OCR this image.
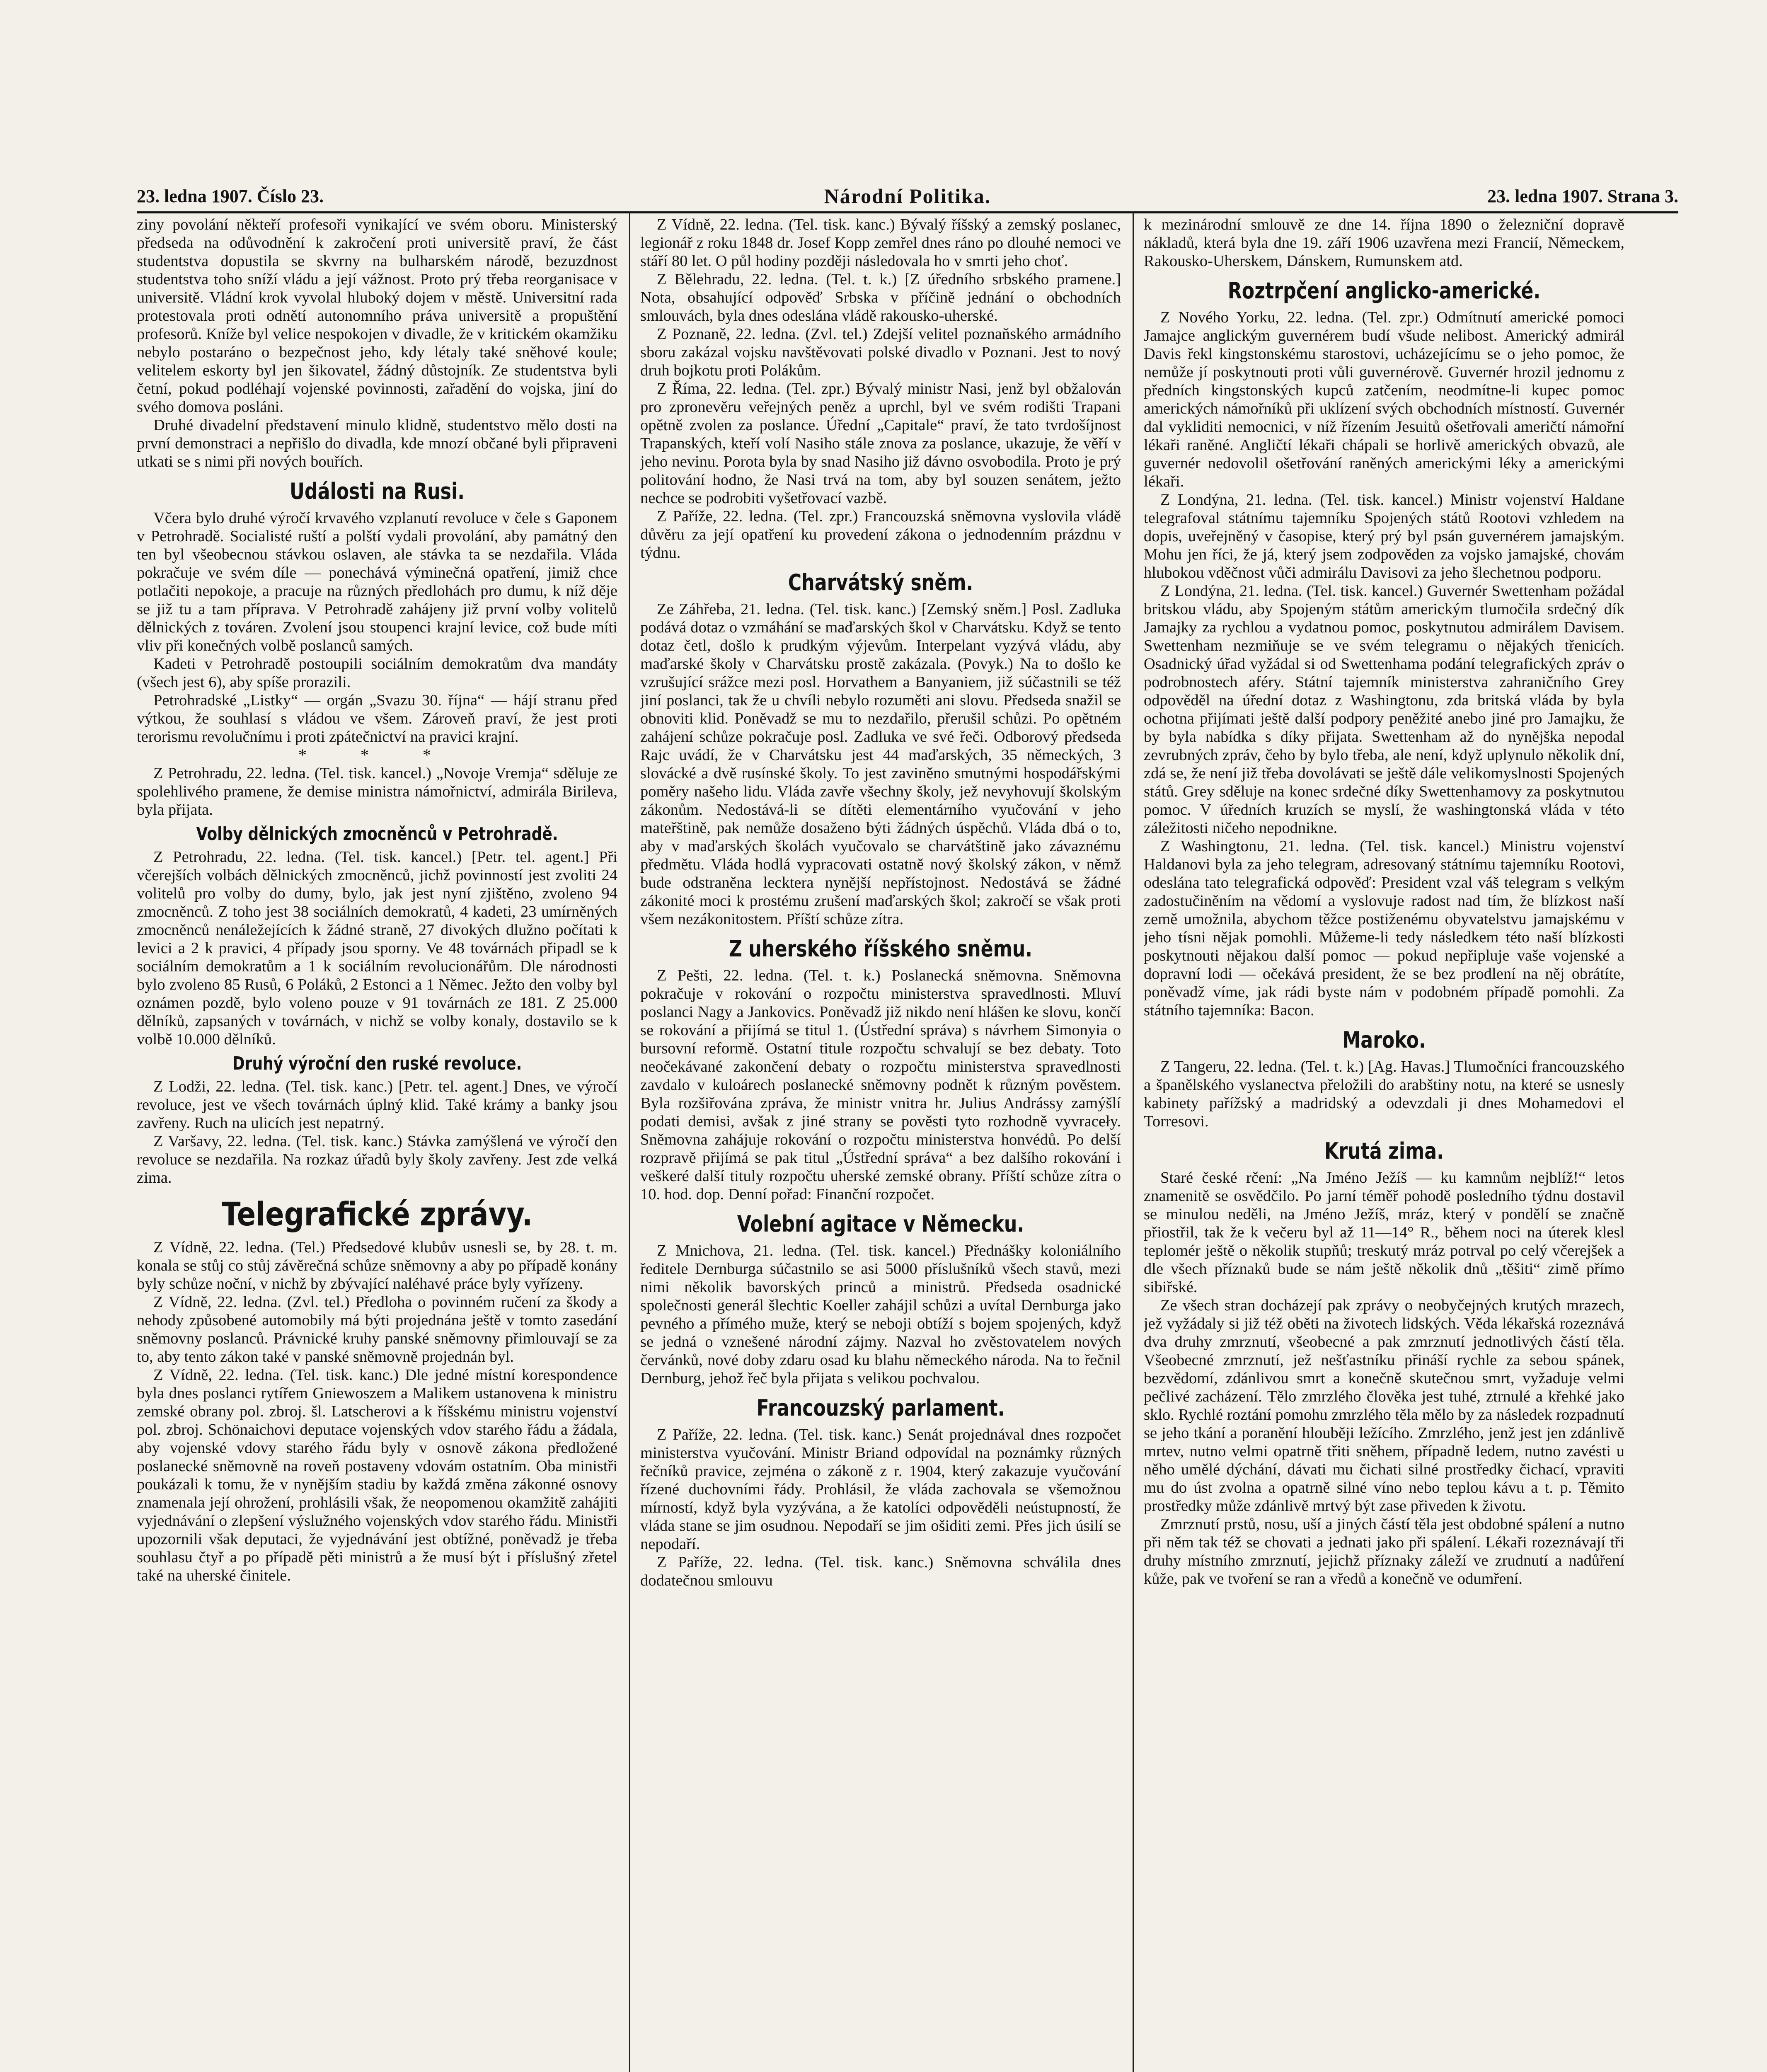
23. ledna 1907. Číslo 23.	Národní Politika.	23. ledna 1907. Strana 3.

ziny povolání někteří profesoři vynikající ve svém oboru. Ministerský předseda na odůvodnění k zakročení proti universitě praví, že část studentstva dopustila se skvrny na bulharském národě, bezuzdnost studentstva toho sníží vládu a její vážnost. Proto prý třeba reorganisace v universitě. Vládní krok vyvolal hluboký dojem v městě. Universitní rada protestovala proti odnětí autonomního práva universitě a propuštění profesorů. Kníže byl velice nespokojen v divadle, že v kritickém okamžiku nebylo postaráno o bezpečnost jeho, kdy létaly také sněhové koule; velitelem eskorty byl jen šikovatel, žádný důstojník. Ze studentstva byli četní, pokud podléhají vojenské povinnosti, zařadění do vojska, jiní do svého domova posláni.

Druhé divadelní představení minulo klidně, studentstvo mělo dosti na první demonstraci a nepřišlo do divadla, kde mnozí občané byli připraveni utkati se s nimi při nových bouřích.

Události na Rusi.

Včera bylo druhé výročí krvavého vzplanutí revoluce v čele s Gaponem v Petrohradě. Socialisté ruští a polští vydali provolání, aby památný den ten byl všeobecnou stávkou oslaven, ale stávka ta se nezdařila. Vláda pokračuje ve svém díle — ponechává výminečná opatření, jimiž chce potlačiti nepokoje, a pracuje na různých předlohách pro dumu, k níž děje se již tu a tam příprava. V Petrohradě zahájeny již první volby volitelů dělnických z továren. Zvolení jsou stoupenci krajní levice, což bude míti vliv při konečných volbě poslanců samých.

Kadeti v Petrohradě postoupili sociálním demokratům dva mandáty (všech jest 6), aby spíše prorazili.

Petrohradské „Listky“ — orgán „Svazu 30. října“ — hájí stranu před výtkou, že souhlasí s vládou ve všem. Zároveň praví, že jest proti terorismu revolučnímu i proti zpátečnictví na pravici krajní.

* * *

Z Petrohradu, 22. ledna. (Tel. tisk. kancel.) „Novoje Vremja“ sděluje ze spolehlivého pramene, že demise ministra námořnictví, admirála Birileva, byla přijata.

Volby dělnických zmocněnců v Petrohradě.

Z Petrohradu, 22. ledna. (Tel. tisk. kancel.) [Petr. tel. agent.] Při včerejších volbách dělnických zmocněnců, jichž povinností jest zvoliti 24 volitelů pro volby do dumy, bylo, jak jest nyní zjištěno, zvoleno 94 zmocněnců. Z toho jest 38 sociálních demokratů, 4 kadeti, 23 umírněných zmocněnců nenáležejících k žádné straně, 27 divokých dlužno počítati k levici a 2 k pravici, 4 případy jsou sporny. Ve 48 továrnách připadl se k sociálním demokratům a 1 k sociálním revolucionářům. Dle národnosti bylo zvoleno 85 Rusů, 6 Poláků, 2 Estonci a 1 Němec. Ježto den volby byl oznámen pozdě, bylo voleno pouze v 91 továrnách ze 181. Z 25.000 dělníků, zapsaných v továrnách, v nichž se volby konaly, dostavilo se k volbě 10.000 dělníků.

Druhý výroční den ruské revoluce.

Z Lodži, 22. ledna. (Tel. tisk. kanc.) [Petr. tel. agent.] Dnes, ve výročí revoluce, jest ve všech továrnách úplný klid. Také krámy a banky jsou zavřeny. Ruch na ulicích jest nepatrný.

Z Varšavy, 22. ledna. (Tel. tisk. kanc.) Stávka zamýšlená ve výročí den revoluce se nezdařila. Na rozkaz úřadů byly školy zavřeny. Jest zde velká zima.

Telegrafické zprávy.

Z Vídně, 22. ledna. (Tel.) Předsedové klubův usnesli se, by 28. t. m. konala se stůj co stůj závěrečná schůze sněmovny a aby po případě konány byly schůze noční, v nichž by zbývající naléhavé práce byly vyřízeny.

Z Vídně, 22. ledna. (Zvl. tel.) Předloha o povinném ručení za škody a nehody způsobené automobily má býti projednána ještě v tomto zasedání sněmovny poslanců. Právnické kruhy panské sněmovny přimlouvají se za to, aby tento zákon také v panské sněmovně projednán byl.

Z Vídně, 22. ledna. (Tel. tisk. kanc.) Dle jedné místní korespondence byla dnes poslanci rytířem Gniewoszem a Malikem ustanovena k ministru zemské obrany pol. zbroj. šl. Latscherovi a k říšskému ministru vojenství pol. zbroj. Schönaichovi deputace vojenských vdov starého řádu a žádala, aby vojenské vdovy starého řádu byly v osnově zákona předložené poslanecké sněmovně na roveň postaveny vdovám ostatním. Oba ministři poukázali k tomu, že v nynějším stadiu by každá změna zákonné osnovy znamenala její ohrožení, prohlásili však, že neopomenou okamžitě zahájiti vyjednávání o zlepšení výslužného vojenských vdov starého řádu. Ministři upozornili však deputaci, že vyjednávání jest obtížné, poněvadž je třeba souhlasu čtyř a po případě pěti ministrů a že musí být i příslušný zřetel také na uherské činitele.

Z Vídně, 22. ledna. (Tel. tisk. kanc.) Bývalý říšský a zemský poslanec, legionář z roku 1848 dr. Josef Kopp zemřel dnes ráno po dlouhé nemoci ve stáří 80 let. O půl hodiny později následovala ho v smrti jeho choť.

Z Bělehradu, 22. ledna. (Tel. t. k.) [Z úředního srbského pramene.] Nota, obsahující odpověď Srbska v příčině jednání o obchodních smlouvách, byla dnes odeslána vládě rakousko-uherské.

Z Poznaně, 22. ledna. (Zvl. tel.) Zdejší velitel poznaňského armádního sboru zakázal vojsku navštěvovati polské divadlo v Poznani. Jest to nový druh bojkotu proti Polákům.

Z Říma, 22. ledna. (Tel. zpr.) Bývalý ministr Nasi, jenž byl obžalován pro zpronevěru veřejných peněz a uprchl, byl ve svém rodišti Trapani opětně zvolen za poslance. Úřední „Capitale“ praví, že tato tvrdošíjnost Trapanských, kteří volí Nasiho stále znova za poslance, ukazuje, že věří v jeho nevinu. Porota byla by snad Nasiho již dávno osvobodila. Proto je prý politování hodno, že Nasi trvá na tom, aby byl souzen senátem, ježto nechce se podrobiti vyšetřovací vazbě.

Z Paříže, 22. ledna. (Tel. zpr.) Francouzská sněmovna vyslovila vládě důvěru za její opatření ku provedení zákona o jednodenním prázdnu v týdnu.

Charvátský sněm.

Ze Záhřeba, 21. ledna. (Tel. tisk. kanc.) [Zemský sněm.] Posl. Zadluka podává dotaz o vzmáhání se maďarských škol v Charvátsku. Když se tento dotaz četl, došlo k prudkým výjevům. Interpelant vyzývá vládu, aby maďarské školy v Charvátsku prostě zakázala. (Povyk.) Na to došlo ke vzrušující srážce mezi posl. Horvathem a Banyaniem, již súčastnili se též jiní poslanci, tak že u chvíli nebylo rozuměti ani slovu. Předseda snažil se obnoviti klid. Poněvadž se mu to nezdařilo, přerušil schůzi. Po opětném zahájení schůze pokračuje posl. Zadluka ve své řeči. Odborový předseda Rajc uvádí, že v Charvátsku jest 44 maďarských, 35 německých, 3 slovácké a dvě rusínské školy. To jest zaviněno smutnými hospodářskými poměry našeho lidu. Vláda zavře všechny školy, jež nevyhovují školským zákonům. Nedostává-li se dítěti elementárního vyučování v jeho mateřštině, pak nemůže dosaženo býti žádných úspěchů. Vláda dbá o to, aby v maďarských školách vyučovalo se charvátštině jako závaznému předmětu. Vláda hodlá vypracovati ostatně nový školský zákon, v němž bude odstraněna lecktera nynější nepřístojnost. Nedostává se žádné zákonité moci k prostému zrušení maďarských škol; zakročí se však proti všem nezákonitostem. Příští schůze zítra.

Z uherského říšského sněmu.

Z Pešti, 22. ledna. (Tel. t. k.) Poslanecká sněmovna. Sněmovna pokračuje v rokování o rozpočtu ministerstva spravedlnosti. Mluví poslanci Nagy a Jankovics. Poněvadž již nikdo není hlášen ke slovu, končí se rokování a přijímá se titul 1. (Ústřední správa) s návrhem Simonyia o bursovní reformě. Ostatní titule rozpočtu schvalují se bez debaty. Toto neočekávané zakončení debaty o rozpočtu ministerstva spravedlnosti zavdalo v kuloárech poslanecké sněmovny podnět k různým pověstem. Byla rozšiřována zpráva, že ministr vnitra hr. Julius Andrássy zamýšlí podati demisi, avšak z jiné strany se pověsti tyto rozhodně vyvraceły. Sněmovna zahájuje rokování o rozpočtu ministerstva honvédů. Po delší rozpravě přijímá se pak titul „Ústřední správa“ a bez dalšího rokování i veškeré další tituly rozpočtu uherské zemské obrany. Příští schůze zítra o 10. hod. dop. Denní pořad: Finanční rozpočet.

Volební agitace v Německu.

Z Mnichova, 21. ledna. (Tel. tisk. kancel.) Přednášky koloniálního ředitele Dernburga súčastnilo se asi 5000 příslušníků všech stavů, mezi nimi několik bavorských princů a ministrů. Předseda osadnické společnosti generál šlechtic Koeller zahájil schůzi a uvítal Dernburga jako pevného a přímého muže, který se neboji obtíží s bojem spojených, když se jedná o vznešené národní zájmy. Nazval ho zvěstovatelem nových červánků, nové doby zdaru osad ku blahu německého národa. Na to řečnil Dernburg, jehož řeč byla přijata s velikou pochvalou.

Francouzský parlament.

Z Paříže, 22. ledna. (Tel. tisk. kanc.) Senát projednával dnes rozpočet ministerstva vyučování. Ministr Briand odpovídal na poznámky různých řečníků pravice, zejména o zákoně z r. 1904, který zakazuje vyučování řízené duchovními řády. Prohlásil, že vláda zachovala se všemožnou mírností, když byla vyzývána, a že katolíci odpověděli neústupností, že vláda stane se jim osudnou. Nepodaří se jim ošiditi zemi. Přes jich úsilí se nepodaří.

Z Paříže, 22. ledna. (Tel. tisk. kanc.) Sněmovna schválila dnes dodatečnou smlouvu

k mezinárodní smlouvě ze dne 14. října 1890 o železniční dopravě nákladů, která byla dne 19. září 1906 uzavřena mezi Francií, Německem, Rakousko-Uherskem, Dánskem, Rumunskem atd.

Roztrpčení anglicko-americké.

Z Nového Yorku, 22. ledna. (Tel. zpr.) Odmítnutí americké pomoci Jamajce anglickým guvernérem budí všude nelibost. Americký admirál Davis řekl kingstonskému starostovi, ucházejícímu se o jeho pomoc, že nemůže jí poskytnouti proti vůli guvernérově. Guvernér hrozil jednomu z předních kingstonských kupců zatčením, neodmítne-li kupec pomoc amerických námořníků při uklízení svých obchodních místností. Guvernér dal vykliditi nemocnici, v níž řízením Jesuitů ošetřovali američtí námořní lékaři raněné. Angličtí lékaři chápali se horlivě amerických obvazů, ale guvernér nedovolil ošetřování raněných americkými léky a americkými lékaři.

Z Londýna, 21. ledna. (Tel. tisk. kancel.) Ministr vojenství Haldane telegrafoval státnímu tajemníku Spojených států Rootovi vzhledem na dopis, uveřejněný v časopise, který prý byl psán guvernérem jamajským. Mohu jen říci, že já, který jsem zodpověden za vojsko jamajské, chovám hlubokou vděčnost vůči admirálu Davisovi za jeho šlechetnou podporu.

Z Londýna, 21. ledna. (Tel. tisk. kancel.) Guvernér Swettenham požádal britskou vládu, aby Spojeným státům americkým tlumočila srdečný dík Jamajky za rychlou a vydatnou pomoc, poskytnutou admirálem Davisem. Swettenham nezmiňuje se ve svém telegramu o nějakých třenicích. Osadnický úřad vyžádal si od Swettenhama podání telegrafických zpráv o podrobnostech aféry. Státní tajemník ministerstva zahraničního Grey odpověděl na úřední dotaz z Washingtonu, zda britská vláda by byla ochotna přijímati ještě další podpory peněžité anebo jiné pro Jamajku, že by byla nabídka s díky přijata. Swettenham až do nynějška nepodal zevrubných zpráv, čeho by bylo třeba, ale není, když uplynulo několik dní, zdá se, že není již třeba dovolávati se ještě dále velikomyslnosti Spojených států. Grey sděluje na konec srdečné díky Swettenhamovy za poskytnutou pomoc. V úředních kruzích se myslí, že washingtonská vláda v této záležitosti ničeho nepodnikne.

Z Washingtonu, 21. ledna. (Tel. tisk. kancel.) Ministru vojenství Haldanovi byla za jeho telegram, adresovaný státnímu tajemníku Rootovi, odeslána tato telegrafická odpověď: President vzal váš telegram s velkým zadostučiněním na vědomí a vyslovuje radost nad tím, že blízkost naší země umožnila, abychom těžce postiženému obyvatelstvu jamajskému v jeho tísni nějak pomohli. Můžeme-li tedy následkem této naší blízkosti poskytnouti nějakou další pomoc — pokud nepřipluje vaše vojenské a dopravní lodi — očekává president, že se bez prodlení na něj obrátíte, poněvadž víme, jak rádi byste nám v podobném případě pomohli. Za státního tajemníka: Bacon.

Maroko.

Z Tangeru, 22. ledna. (Tel. t. k.) [Ag. Havas.] Tlumočníci francouzského a španělského vyslanectva přeložili do arabštiny notu, na které se usnesly kabinety pařížský a madridský a odevzdali ji dnes Mohamedovi el Torresovi.

Krutá zima.

Staré české rčení: „Na Jméno Ježíš — ku kamnům nejblíž!“ letos znamenitě se osvědčilo. Po jarní téměř pohodě posledního týdnu dostavil se minulou neděli, na Jméno Ježíš, mráz, který v pondělí se značně přiostřil, tak že k večeru byl až 11—14° R., během noci na úterek klesl teplomér ještě o několik stupňů; treskutý mráz potrval po celý včerejšek a dle všech příznaků bude se nám ještě několik dnů „těšiti“ zimě přímo sibiřské.

Ze všech stran docházejí pak zprávy o neobyčejných krutých mrazech, jež vyžádaly si již též oběti na životech lidských. Věda lékařská rozeznává dva druhy zmrznutí, všeobecné a pak zmrznutí jednotlivých částí těla. Všeobecné zmrznutí, jež nešťastníku přináší rychle za sebou spánek, bezvědomí, zdánlivou smrt a konečně skutečnou smrt, vyžaduje velmi pečlivé zacházení. Tělo zmrzlého člověka jest tuhé, ztrnulé a křehké jako sklo. Rychlé roztání pomohu zmrzlého těla mělo by za následek rozpadnutí se jeho tkání a poranění hlouběji ležícího. Zmrzlého, jenž jest jen zdánlivě mrtev, nutno velmi opatrně třiti sněhem, případně ledem, nutno zavésti u něho umělé dýchání, dávati mu čichati silné prostředky čichací, vpraviti mu do úst zvolna a opatrně silné víno nebo teplou kávu a t. p. Těmito prostředky může zdánlivě mrtvý být zase přiveden k životu.

Zmrznutí prstů, nosu, uší a jiných částí těla jest obdobné spálení a nutno při něm tak též se chovati a jednati jako při spálení. Lékaři rozeznávají tři druhy místního zmrznutí, jejichž příznaky záleží ve zrudnutí a nadůření kůže, pak ve tvoření se ran a vředů a konečně ve odumření.
